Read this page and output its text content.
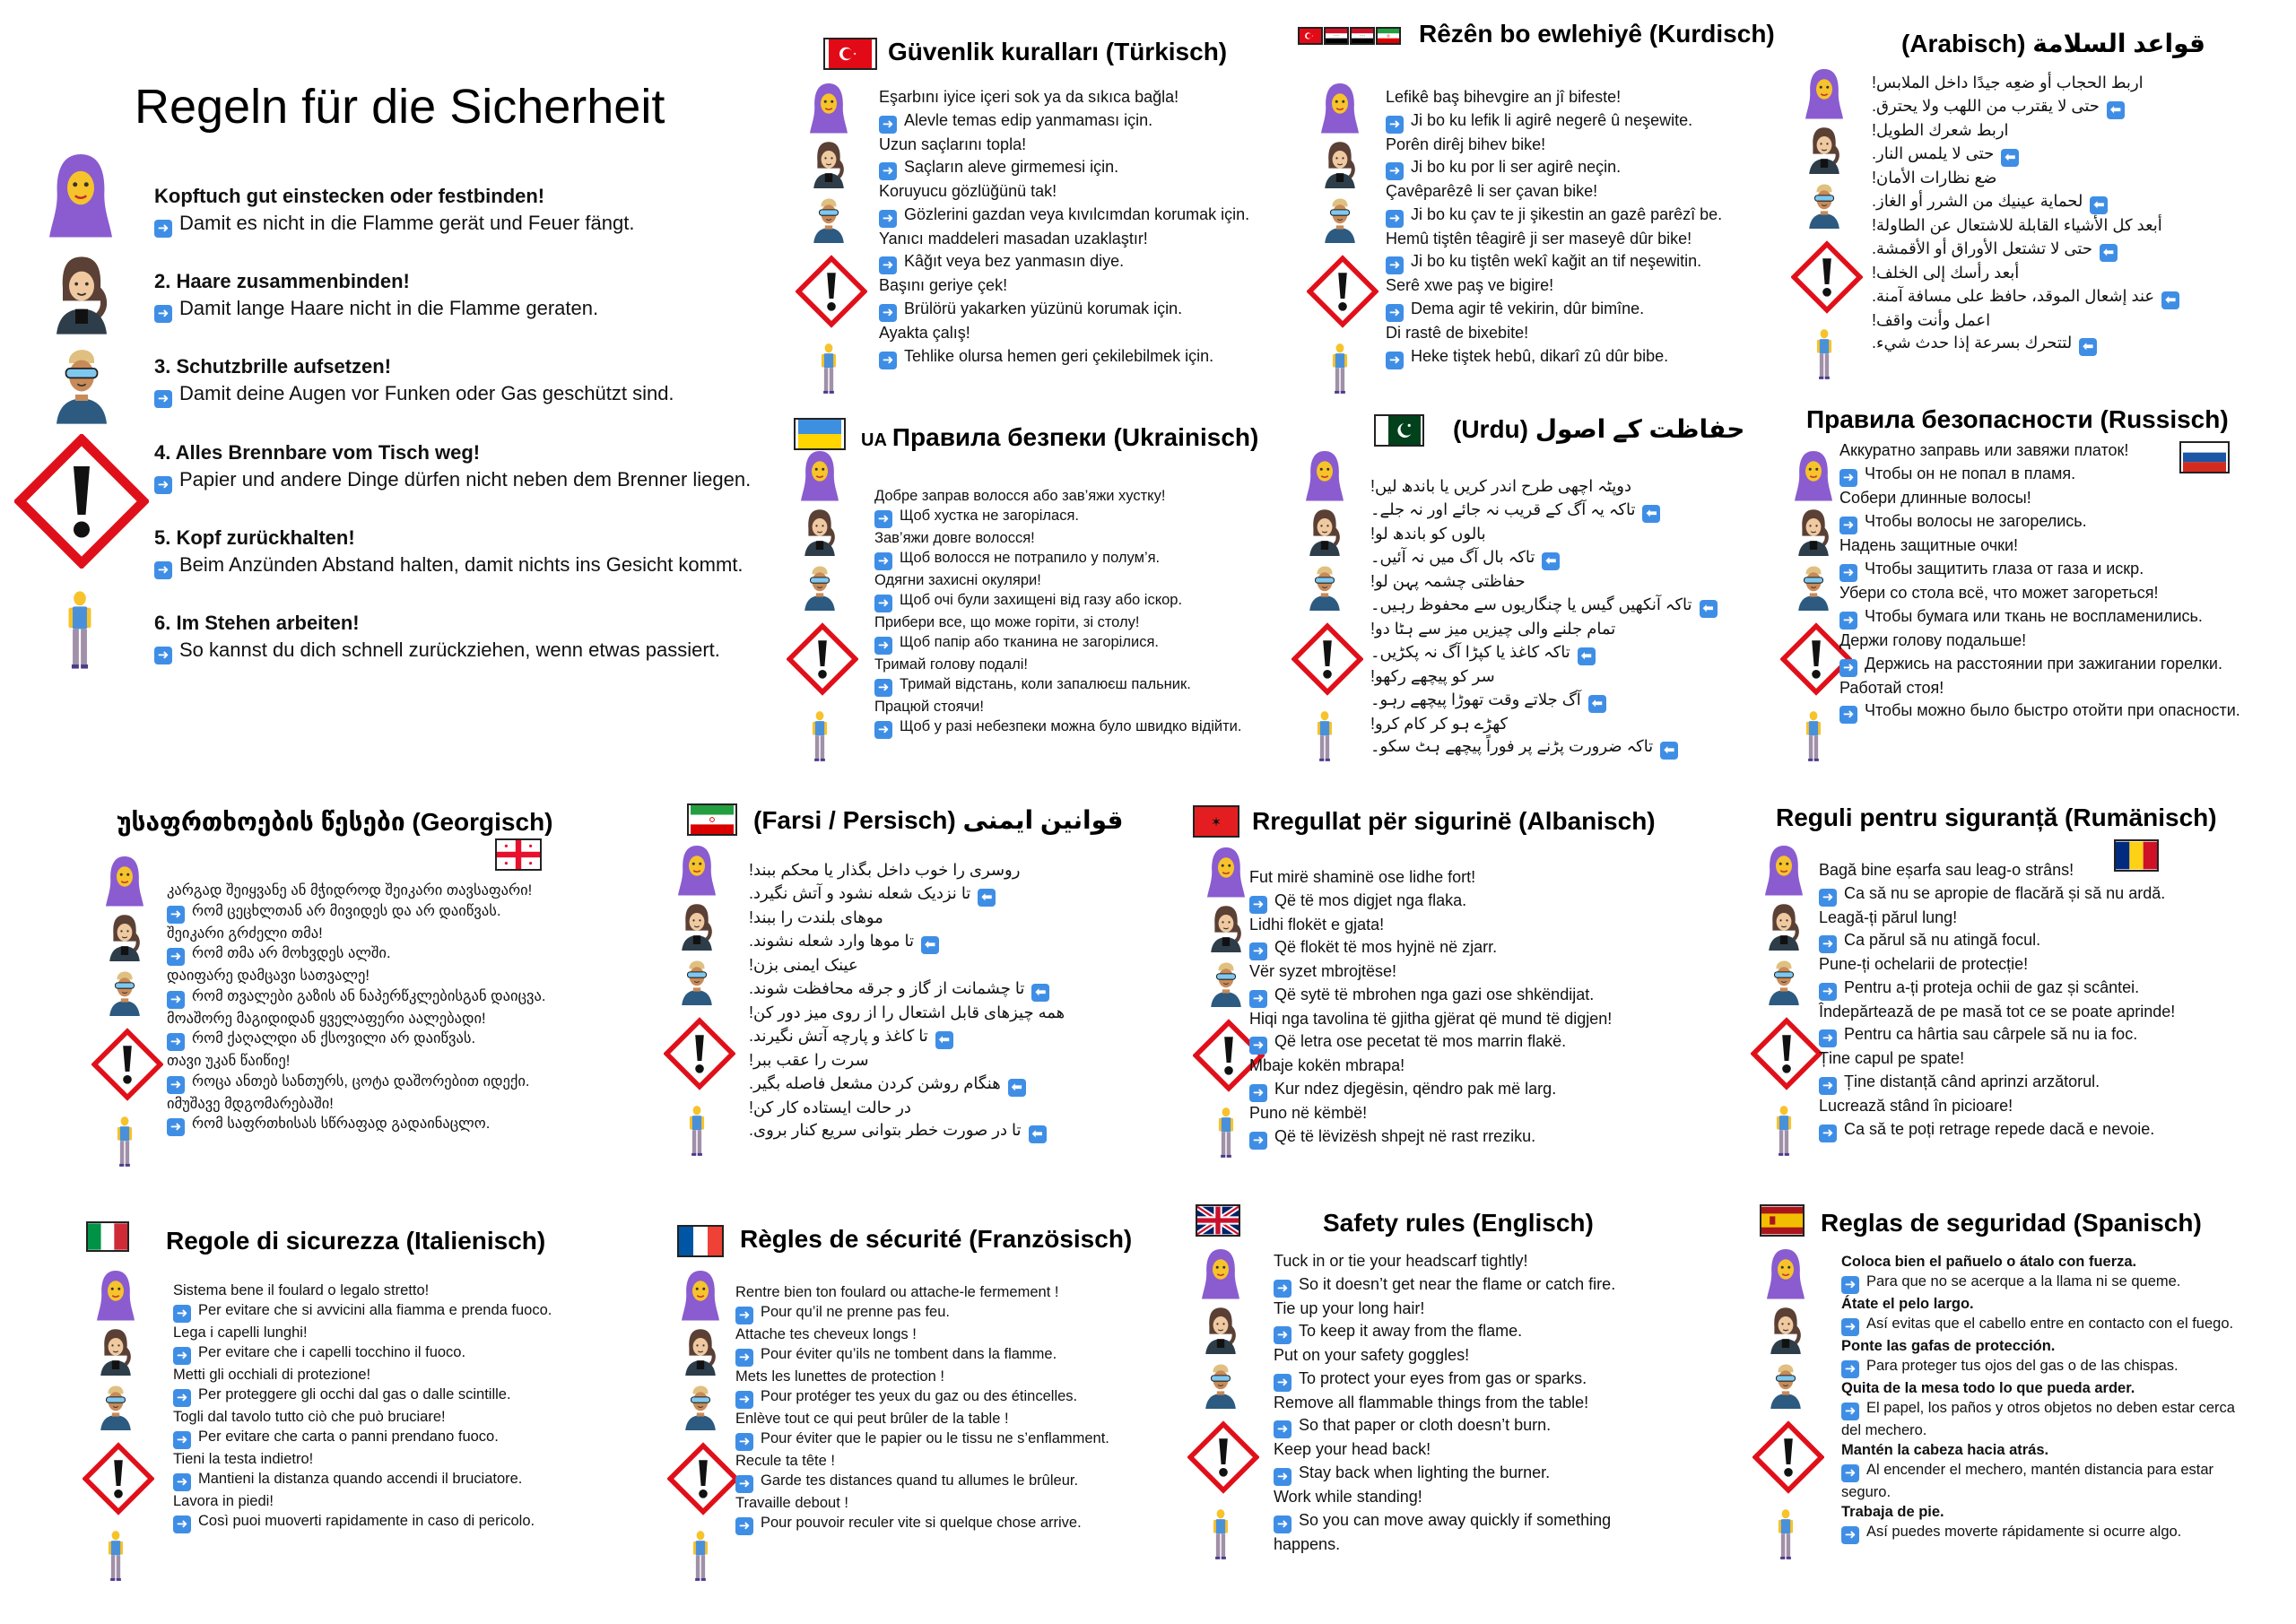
Regeln für die Sicherheit
Kopftuch gut einstecken oder festbinden!
➜ Damit es nicht in die Flamme gerät und Feuer fängt.
2. Haare zusammenbinden!
➜ Damit lange Haare nicht in die Flamme geraten.
3. Schutzbrille aufsetzen!
➜ Damit deine Augen vor Funken oder Gas geschützt sind.
4. Alles Brennbare vom Tisch weg!
➜ Papier und andere Dinge dürfen nicht neben dem Brenner liegen.
5. Kopf zurückhalten!
➜ Beim Anzünden Abstand halten, damit nichts ins Gesicht kommt.
6. Im Stehen arbeiten!
➜ So kannst du dich schnell zurückziehen, wenn etwas passiert.
Güvenlik kuralları (Türkisch)
Eşarbını iyice içeri sok ya da sıkıca bağla!
➜ Alevle temas edip yanmaması için.
Uzun saçlarını topla!
➜ Saçların aleve girmemesi için.
Koruyucu gözlüğünü tak!
➜ Gözlerini gazdan veya kıvılcımdan korumak için.
Yanıcı maddeleri masadan uzaklaştır!
➜ Kâğıt veya bez yanmasın diye.
Başını geriye çek!
➜ Brülörü yakarken yüzünü korumak için.
Ayakta çalış!
➜ Tehlike olursa hemen geri çekilebilmek için.
Rêzên bo ewlehiyê (Kurdisch)
* * *	* * *
Lefikê baş bihevgire an jî bifeste!
➜ Ji bo ku lefik li agirê negerê û neşewite.
Porên dirêj bihev bike!
➜ Ji bo ku por li ser agirê neçin.
Çavêparêzê li ser çavan bike!
➜ Ji bo ku çav te ji şikestin an gazê parêzî be.
Hemû tiştên têagirê ji ser maseyê dûr bike!
➜ Ji bo ku tiştên wekî kağit an tif neşewitin.
Serê xwe paş ve bigire!
➜ Dema agir tê vekirin, dûr bimîne.
Di rastê de bixebite!
➜ Heke tiştek hebû, dikarî zû dûr bibe.
قواعد السلامة (Arabisch)
اربط الحجاب أو ضعِه جيدًا داخل الملابس!
⬅حتى لا يقترب من اللهب ولا يحترق.
اربط شعرك الطويل!
⬅حتى لا يلمس النار.
ضع نظارات الأمان!
⬅لحماية عينيك من الشرر أو الغاز.
أبعد كل الأشياء القابلة للاشتعال عن الطاولة!
⬅حتى لا تشتعل الأوراق أو الأقمشة.
أبعد رأسك إلى الخلف!
⬅عند إشعال الموقد، حافظ على مسافة آمنة.
اعمل وأنت واقف!
⬅لتتحرك بسرعة إذا حدث شيء.
UA Правила безпеки (Ukrainisch)
Добре заправ волосся або зав’яжи хустку!
➜ Щоб хустка не загорілася.
Зав’яжи довге волосся!
➜ Щоб волосся не потрапило у полум’я.
Одягни захисні окуляри!
➜ Щоб очі були захищені від газу або іскор.
Прибери все, що може горіти, зі столу!
➜ Щоб папір або тканина не загорілися.
Тримай голову подалі!
➜ Тримай відстань, коли запалюєш пальник.
Працюй стоячи!
➜ Щоб у разі небезпеки можна було швидко відійти.
حفاظت کے اصول (Urdu)
دوپٹہ اچھی طرح اندر کریں یا باندھ لیں!
⬅تاکہ یہ آگ کے قریب نہ جائے اور نہ جلے۔
بالوں کو باندھ لو!
⬅تاکہ بال آگ میں نہ آئیں۔
حفاظتی چشمہ پہن لو!
⬅تاکہ آنکھیں گیس یا چنگاریوں سے محفوظ رہیں۔
تمام جلنے والی چیزیں میز سے ہٹا دو!
⬅تاکہ کاغذ یا کپڑا آگ نہ پکڑیں۔
سر کو پیچھے رکھو!
⬅آگ جلاتے وقت تھوڑا پیچھے رہو۔
کھڑے ہو کر کام کرو!
⬅تاکہ ضرورت پڑنے پر فوراً پیچھے ہٹ سکو۔
Правила безопасности (Russisch)
Аккуратно заправь или завяжи платок!
➜ Чтобы он не попал в пламя.
Собери длинные волосы!
➜ Чтобы волосы не загорелись.
Надень защитные очки!
➜ Чтобы защитить глаза от газа и искр.
Убери со стола всё, что может загореться!
➜ Чтобы бумага или ткань не воспламенились.
Держи голову подальше!
➜ Держись на расстоянии при зажигании горелки.
Работай стоя!
➜ Чтобы можно было быстро отойти при опасности.
უსაფრთხოების წესები (Georgisch)
კარგად შეიყვანე ან მჭიდროდ შეიკარი თავსაფარი!
➜ რომ ცეცხლთან არ მივიდეს და არ დაიწვას.
შეიკარი გრძელი თმა!
➜ რომ თმა არ მოხვდეს ალში.
დაიფარე დამცავი სათვალე!
➜ რომ თვალები გაზის ან ნაპერწკლებისგან დაიცვა.
მოაშორე მაგიდიდან ყველაფერი აალებადი!
➜ რომ ქაღალდი ან ქსოვილი არ დაიწვას.
თავი უკან წაიწიე!
➜ როცა ანთებ სანთურს, ცოტა დაშორებით იდექი.
იმუშავე მდგომარებაში!
➜ რომ საფრთხისას სწრაფად გადაინაცლო.
قوانین ایمنی (Farsi / Persisch)
روسری را خوب داخل بگذار یا محکم ببند!
⬅تا نزدیک شعله نشود و آتش نگیرد.
موهای بلندت را ببند!
⬅تا موها وارد شعله نشوند.
عینک ایمنی بزن!
⬅تا چشمانت از گاز و جرقه محافظت شوند.
همه چیزهای قابل اشتعال را از روی میز دور کن!
⬅تا کاغذ و پارچه آتش نگیرند.
سرت را عقب ببر!
⬅هنگام روشن کردن مشعل فاصله بگیر.
در حالت ایستاده کار کن!
⬅تا در صورت خطر بتوانی سریع کنار بروی.
Rregullat për sigurinë (Albanisch)
✶
Fut mirë shaminë ose lidhe fort!
➜ Që të mos digjet nga flaka.
Lidhi flokët e gjata!
➜ Që flokët të mos hyjnë në zjarr.
Vër syzet mbrojtëse!
➜ Që sytë të mbrohen nga gazi ose shkëndijat.
Hiqi nga tavolina të gjitha gjërat që mund të digjen!
➜ Që letra ose pecetat të mos marrin flakë.
Mbaje kokën mbrapa!
➜ Kur ndez djegësin, qëndro pak më larg.
Puno në këmbë!
➜ Që të lëvizësh shpejt në rast rreziku.
Reguli pentru siguranță (Rumänisch)
Bagă bine eșarfa sau leag-o strâns!
➜ Ca să nu se apropie de flacără și să nu ardă.
Leagă-ți părul lung!
➜ Ca părul să nu atingă focul.
Pune-ți ochelarii de protecție!
➜ Pentru a-ți proteja ochii de gaz și scântei.
Îndepărtează de pe masă tot ce se poate aprinde!
➜ Pentru ca hârtia sau cârpele să nu ia foc.
Ține capul pe spate!
➜ Ține distanță când aprinzi arzătorul.
Lucrează stând în picioare!
➜ Ca să te poți retrage repede dacă e nevoie.
Regole di sicurezza (Italienisch)
Sistema bene il foulard o legalo stretto!
➜ Per evitare che si avvicini alla fiamma e prenda fuoco.
Lega i capelli lunghi!
➜ Per evitare che i capelli tocchino il fuoco.
Metti gli occhiali di protezione!
➜ Per proteggere gli occhi dal gas o dalle scintille.
Togli dal tavolo tutto ciò che può bruciare!
➜ Per evitare che carta o panni prendano fuoco.
Tieni la testa indietro!
➜ Mantieni la distanza quando accendi il bruciatore.
Lavora in piedi!
➜ Così puoi muoverti rapidamente in caso di pericolo.
Règles de sécurité (Französisch)
Rentre bien ton foulard ou attache-le fermement !
➜ Pour qu’il ne prenne pas feu.
Attache tes cheveux longs !
➜ Pour éviter qu’ils ne tombent dans la flamme.
Mets les lunettes de protection !
➜ Pour protéger tes yeux du gaz ou des étincelles.
Enlève tout ce qui peut brûler de la table !
➜ Pour éviter que le papier ou le tissu ne s’enflamment.
Recule ta tête !
➜ Garde tes distances quand tu allumes le brûleur.
Travaille debout !
➜ Pour pouvoir reculer vite si quelque chose arrive.
Safety rules (Englisch)
Tuck in or tie your headscarf tightly!
➜ So it doesn’t get near the flame or catch fire.
Tie up your long hair!
➜ To keep it away from the flame.
Put on your safety goggles!
➜ To protect your eyes from gas or sparks.
Remove all flammable things from the table!
➜ So that paper or cloth doesn’t burn.
Keep your head back!
➜ Stay back when lighting the burner.
Work while standing!
➜ So you can move away quickly if something happens.
Reglas de seguridad (Spanisch)
Coloca bien el pañuelo o átalo con fuerza.
➜ Para que no se acerque a la llama ni se queme.
Átate el pelo largo.
➜ Así evitas que el cabello entre en contacto con el fuego.
Ponte las gafas de protección.
➜ Para proteger tus ojos del gas o de las chispas.
Quita de la mesa todo lo que pueda arder.
➜ El papel, los paños y otros objetos no deben estar cerca del mechero.
Mantén la cabeza hacia atrás.
➜ Al encender el mechero, mantén distancia para estar seguro.
Trabaja de pie.
➜ Así puedes moverte rápidamente si ocurre algo.
